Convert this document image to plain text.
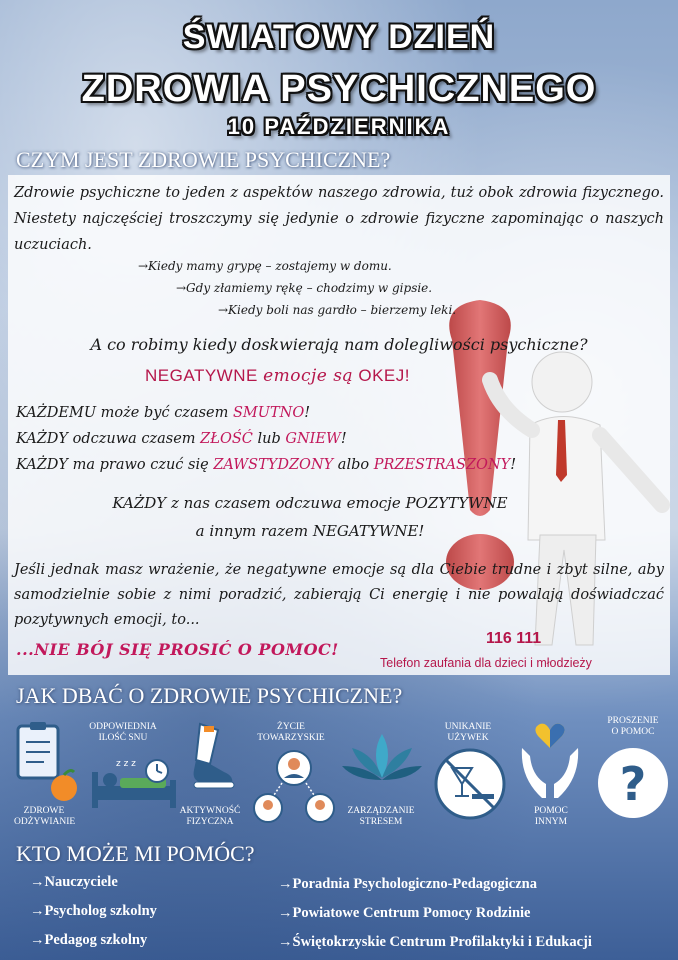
ŚWIATOWY DZIEŃ
ZDROWIA PSYCHICZNEGO
10 PAŹDZIERNIKA
CZYM JEST ZDROWIE PSYCHICZNE?

Zdrowie psychiczne to jeden z aspektów naszego zdrowia, tuż obok zdrowia fizycznego. Niestety najczęściej troszczymy się jedynie o zdrowie fizyczne zapominając o naszych uczuciach.

→Kiedy mamy grypę – zostajemy w domu.
→Gdy złamiemy rękę – chodzimy w gipsie.
→Kiedy boli nas gardło – bierzemy leki.
A co robimy kiedy doskwierają nam dolegliwości psychiczne?
NEGATYWNE emocje są OKEJ!
KAŻDEMU może być czasem SMUTNO!
KAŻDY odczuwa czasem ZŁOŚĆ lub GNIEW!
KAŻDY ma prawo czuć się ZAWSTYDZONY albo PRZESTRASZONY!
KAŻDY z nas czasem odczuwa emocje POZYTYWNE
a innym razem NEGATYWNE!

Jeśli jednak masz wrażenie, że negatywne emocje są dla Ciebie trudne i zbyt silne, aby samodzielnie sobie z nimi poradzić, zabierają Ci energię i nie powalają doświadczać pozytywnych emocji, to...

...NIE BÓJ SIĘ PROSIĆ O POMOC!
116 111
Telefon zaufania dla dzieci i młodzieży
JAK DBAĆ O ZDROWIE PSYCHICZNE?
ZDROWE
ODŻYWIANIE
ODPOWIEDNIA
ILOŚĆ SNU
z z z
AKTYWNOŚĆ
FIZYCZNA
ŻYCIE
TOWARZYSKIE
ZARZĄDZANIE
STRESEM
UNIKANIE
UŻYWEK
POMOC
INNYM
PROSZENIE
O POMOC
?
KTO MOŻE MI POMÓC?
→Nauczyciele
→Psycholog szkolny
→Pedagog szkolny
→Poradnia Psychologiczno-Pedagogiczna
→Powiatowe Centrum Pomocy Rodzinie
→Świętokrzyskie Centrum Profilaktyki i Edukacji
